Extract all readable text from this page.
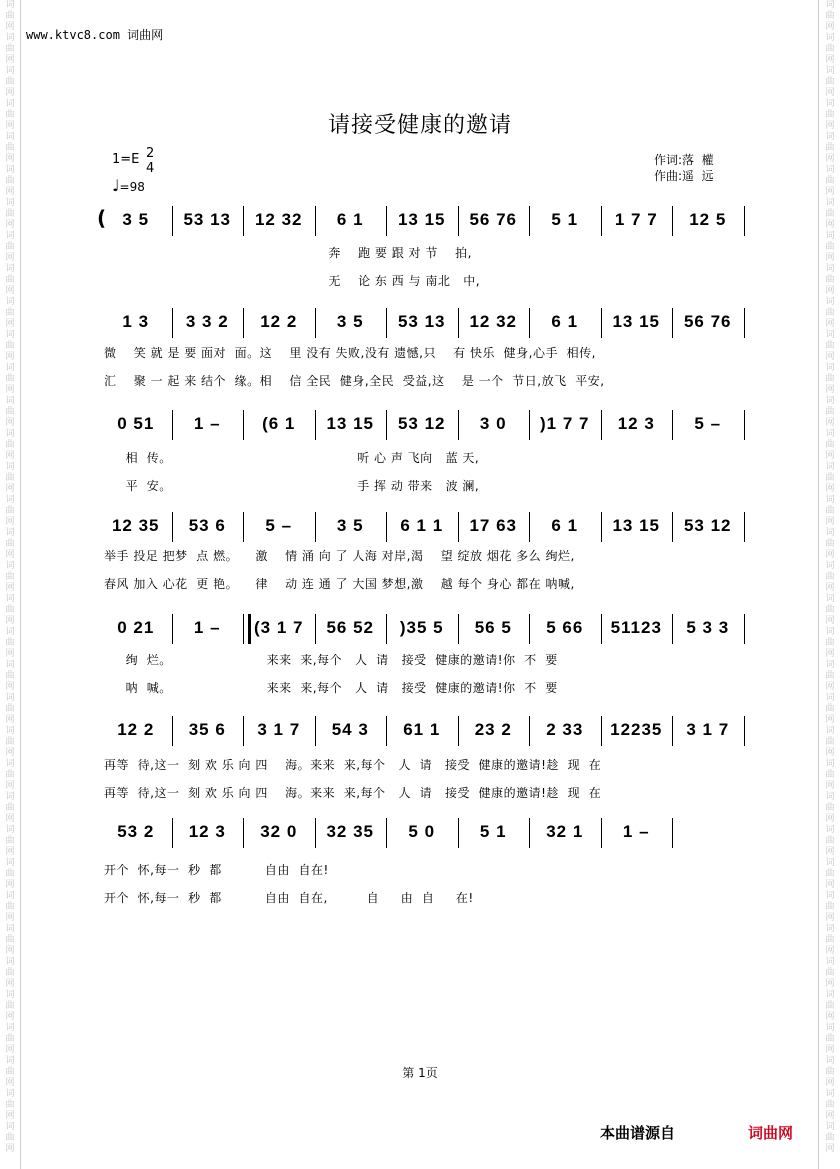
词曲网词曲网词曲网词曲网词曲网词曲网词曲网词曲网词曲网词曲网词曲网词曲网词曲网词曲网词曲网词曲网词曲网词曲网词曲网词曲网词曲网词曲网词曲网词曲网词曲网词曲网词曲网词曲网词曲网词曲网词曲网词曲网词曲网词曲网词曲网
词曲网词曲网词曲网词曲网词曲网词曲网词曲网词曲网词曲网词曲网词曲网词曲网词曲网词曲网词曲网词曲网词曲网词曲网词曲网词曲网词曲网词曲网词曲网词曲网词曲网词曲网词曲网词曲网词曲网词曲网词曲网词曲网词曲网词曲网词曲网
www.ktvc8.com 词曲网
请接受健康的邀请
1=E 2
4
♩=98
作词:落  權
作曲:遥  远
3 5	53 13	12 32	6 1	13 15	56 76	5 1	1 7 7	12 5
(
1 3	3 3 2	12 2	3 5	53 13	12 32	6 1	13 15	56 76
0 51	1 –	(6 1	13 15	53 12	3 0	)1 7 7	12 3	5 –
12 35	53 6	5 –	3 5	6 1 1	17 63	6 1	13 15	53 12
0 21	1 –	(3 1 7	56 52	)35 5	56 5	5 66	51123	5 3 3
12 2	35 6	3 1 7	54 3	61 1	23 2	2 33	12235	3 1 7
53 2	12 3	32 0	32 35	5 0	5 1	32 1	1 –
奔    跑 要 跟 对 节    拍,
无    论 东 西 与 南北   中,
微    笑 就 是 要 面对  面。这    里 没有 失败,没有 遗憾,只    有 快乐  健身,心手  相传,
汇    聚 一 起 来 结个  缘。相    信 全民  健身,全民  受益,这    是 一个  节日,放飞  平安,
相  传。                                           听 心 声 飞向   蓝 天,
平  安。                                           手 挥 动 带来   波 澜,
举手 投足 把梦  点 燃。    激    情 涌 向 了 人海 对岸,渴    望 绽放 烟花 多么 绚烂,
春风 加入 心花  更 艳。    律    动 连 通 了 大国 梦想,激    越 每个 身心 都在 呐喊,
绚  烂。                      来来  来,每个   人  请   接受  健康的邀请!你  不  要
呐  喊。                      来来  来,每个   人  请   接受  健康的邀请!你  不  要
再等  待,这一  刻 欢 乐 向 四    海。来来  来,每个   人  请   接受  健康的邀请!趁  现  在
再等  待,这一  刻 欢 乐 向 四    海。来来  来,每个   人  请   接受  健康的邀请!趁  现  在
开个  怀,每一  秒  都          自由  自在!
开个  怀,每一  秒  都          自由  自在,         自     由  自     在!
第 1页
本曲谱源自	词曲网
